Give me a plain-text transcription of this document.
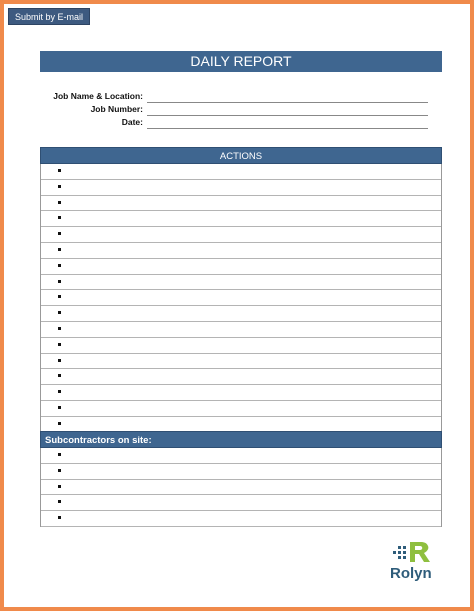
Submit by E-mail
DAILY REPORT
Job Name & Location:
Job Number:
Date:
ACTIONS
Subcontractors on site:
Rolyn
